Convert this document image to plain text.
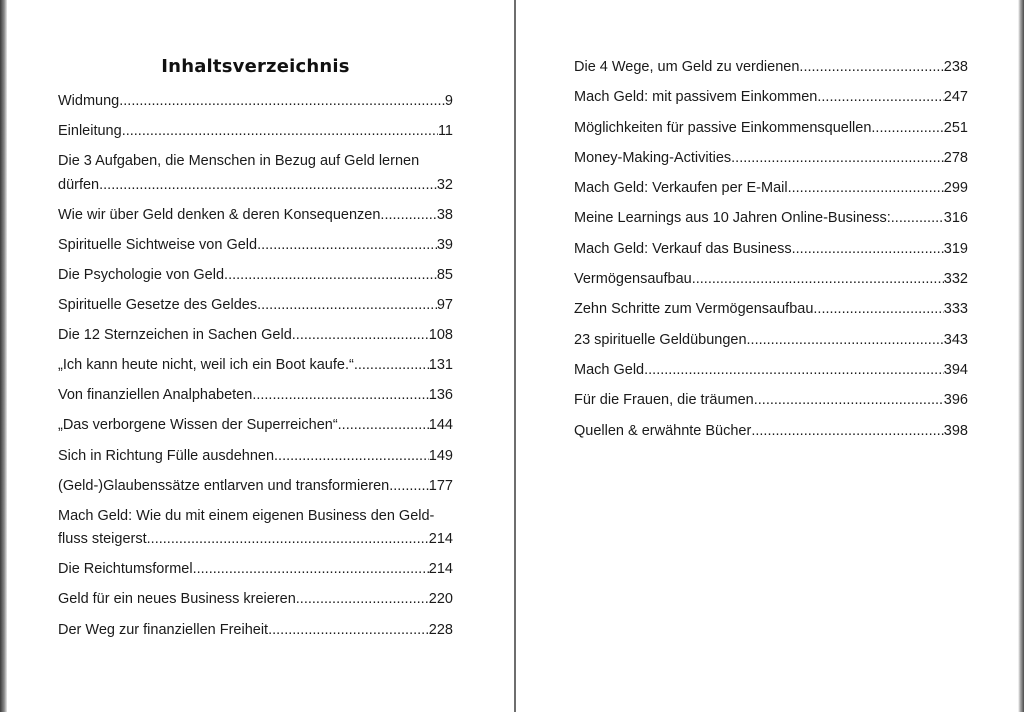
Inhaltsverzeichnis
Widmung .....	9
Einleitung .....	11
Die 3 Aufgaben, die Menschen in Bezug auf Geld lernen
dürfen .....	32
Wie wir über Geld denken & deren Konsequenzen .....	38
Spirituelle Sichtweise von Geld .....	39
Die Psychologie von Geld .....	85
Spirituelle Gesetze des Geldes .....	97
Die 12 Sternzeichen in Sachen Geld .....	108
„Ich kann heute nicht, weil ich ein Boot kaufe.“ .....	131
Von finanziellen Analphabeten .....	136
„Das verborgene Wissen der Superreichen“ .....	144
Sich in Richtung Fülle ausdehnen .....	149
(Geld-)Glaubenssätze entlarven und transformieren .....	177
Mach Geld: Wie du mit einem eigenen Business den Geld-
fluss steigerst .....	214
Die Reichtumsformel .....	214
Geld für ein neues Business kreieren .....	220
Der Weg zur finanziellen Freiheit .....	228
Die 4 Wege, um Geld zu verdienen .....	238
Mach Geld: mit passivem Einkommen .....	247
Möglichkeiten für passive Einkommensquellen .....	251
Money-Making-Activities .....	278
Mach Geld: Verkaufen per E-Mail .....	299
Meine Learnings aus 10 Jahren Online-Business: .....	316
Mach Geld: Verkauf das Business .....	319
Vermögensaufbau .....	332
Zehn Schritte zum Vermögensaufbau .....	333
23 spirituelle Geldübungen .....	343
Mach Geld. .....	394
Für die Frauen, die träumen .....	396
Quellen & erwähnte Bücher .....	398
